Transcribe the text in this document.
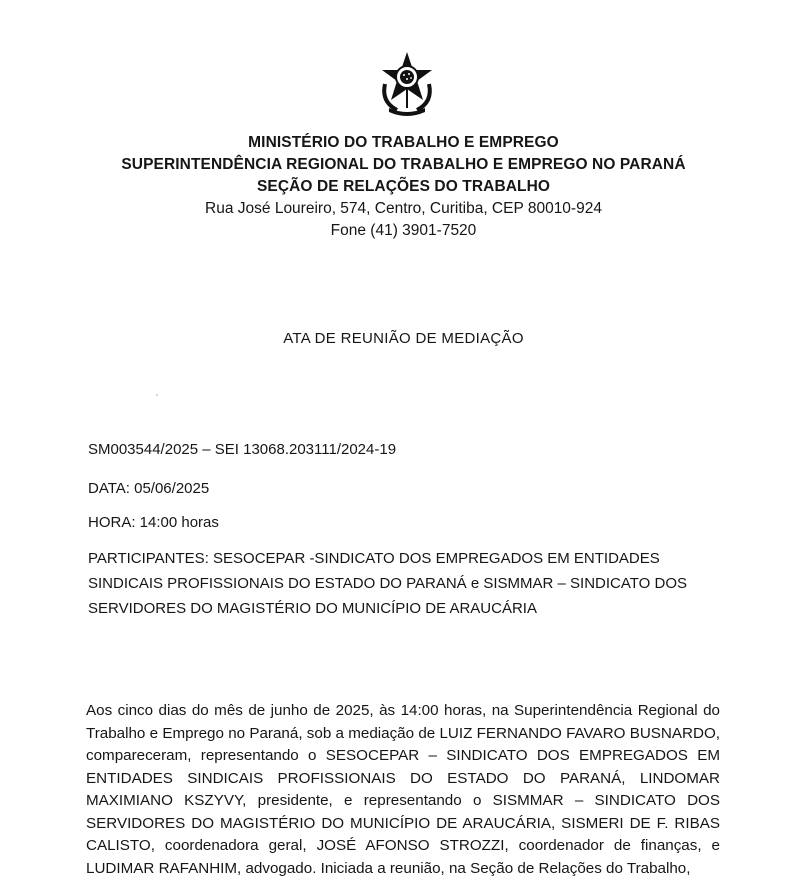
MINISTÉRIO DO TRABALHO E EMPREGO
SUPERINTENDÊNCIA REGIONAL DO TRABALHO E EMPREGO NO PARANÁ
SEÇÃO DE RELAÇÕES DO TRABALHO
Rua José Loureiro, 574, Centro, Curitiba, CEP 80010-924
Fone (41) 3901-7520
ATA DE REUNIÃO DE MEDIAÇÃO
SM003544/2025 – SEI 13068.203111/2024-19
DATA: 05/06/2025
HORA: 14:00 horas
PARTICIPANTES: SESOCEPAR -SINDICATO DOS EMPREGADOS EM ENTIDADES SINDICAIS PROFISSIONAIS DO ESTADO DO PARANÁ e SISMMAR – SINDICATO DOS SERVIDORES DO MAGISTÉRIO DO MUNICÍPIO DE ARAUCÁRIA
Aos cinco dias do mês de junho de 2025, às 14:00 horas, na Superintendência Regional do Trabalho e Emprego no Paraná, sob a mediação de LUIZ FERNANDO FAVARO BUSNARDO, compareceram, representando o SESOCEPAR – SINDICATO DOS EMPREGADOS EM ENTIDADES SINDICAIS PROFISSIONAIS DO ESTADO DO PARANÁ, LINDOMAR MAXIMIANO KSZYVY, presidente, e representando o SISMMAR – SINDICATO DOS SERVIDORES DO MAGISTÉRIO DO MUNICÍPIO DE ARAUCÁRIA, SISMERI DE F. RIBAS CALISTO, coordenadora geral, JOSÉ AFONSO STROZZI, coordenador de finanças, e LUDIMAR RAFANHIM, advogado. Iniciada a reunião, na Seção de Relações do Trabalho,
